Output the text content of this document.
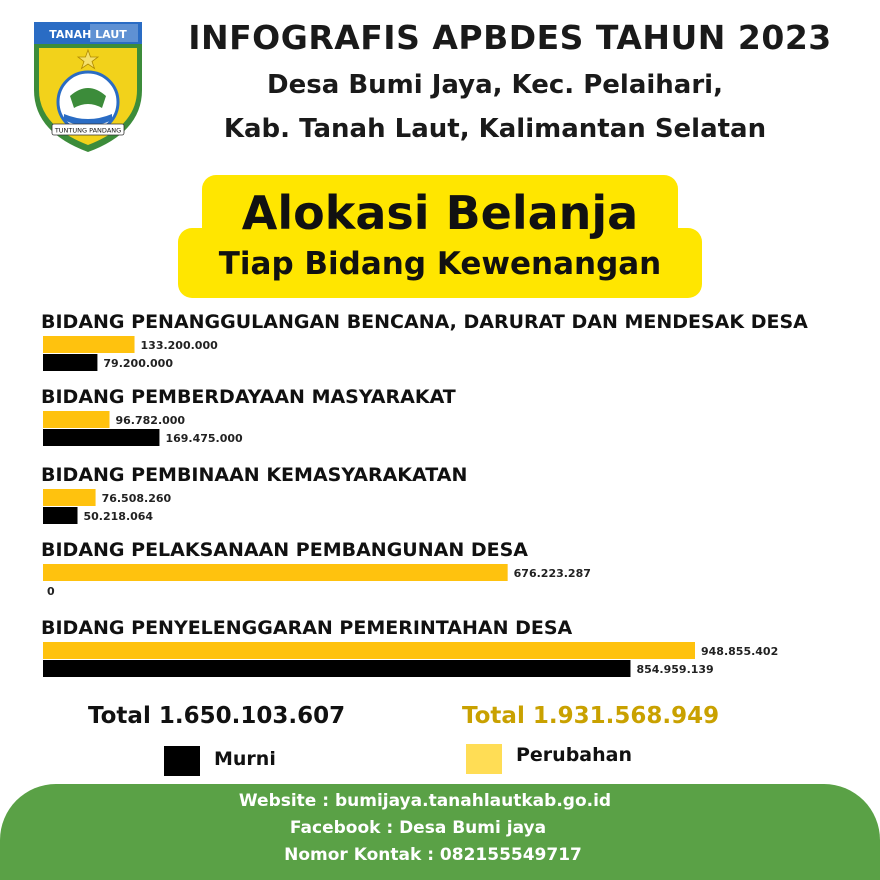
TANAH LAUT
TUNTUNG PANDANG
INFOGRAFIS APBDES TAHUN 2023
Desa Bumi Jaya, Kec. Pelaihari,
Kab. Tanah Laut, Kalimantan Selatan
Alokasi Belanja
Tiap Bidang Kewenangan
BIDANG PENANGGULANGAN BENCANA, DARURAT DAN MENDESAK DESA
133.200.000
79.200.000
BIDANG PEMBERDAYAAN MASYARAKAT
96.782.000
169.475.000
BIDANG PEMBINAAN KEMASYARAKATAN
76.508.260
50.218.064
BIDANG PELAKSANAAN PEMBANGUNAN DESA
676.223.287
0
BIDANG PENYELENGGARAN PEMERINTAHAN DESA
948.855.402
854.959.139
Total 1.650.103.607	Total 1.931.568.949
Murni	Perubahan
Website : bumijaya.tanahlautkab.go.id
Facebook : Desa Bumi jaya
Nomor Kontak : 082155549717
